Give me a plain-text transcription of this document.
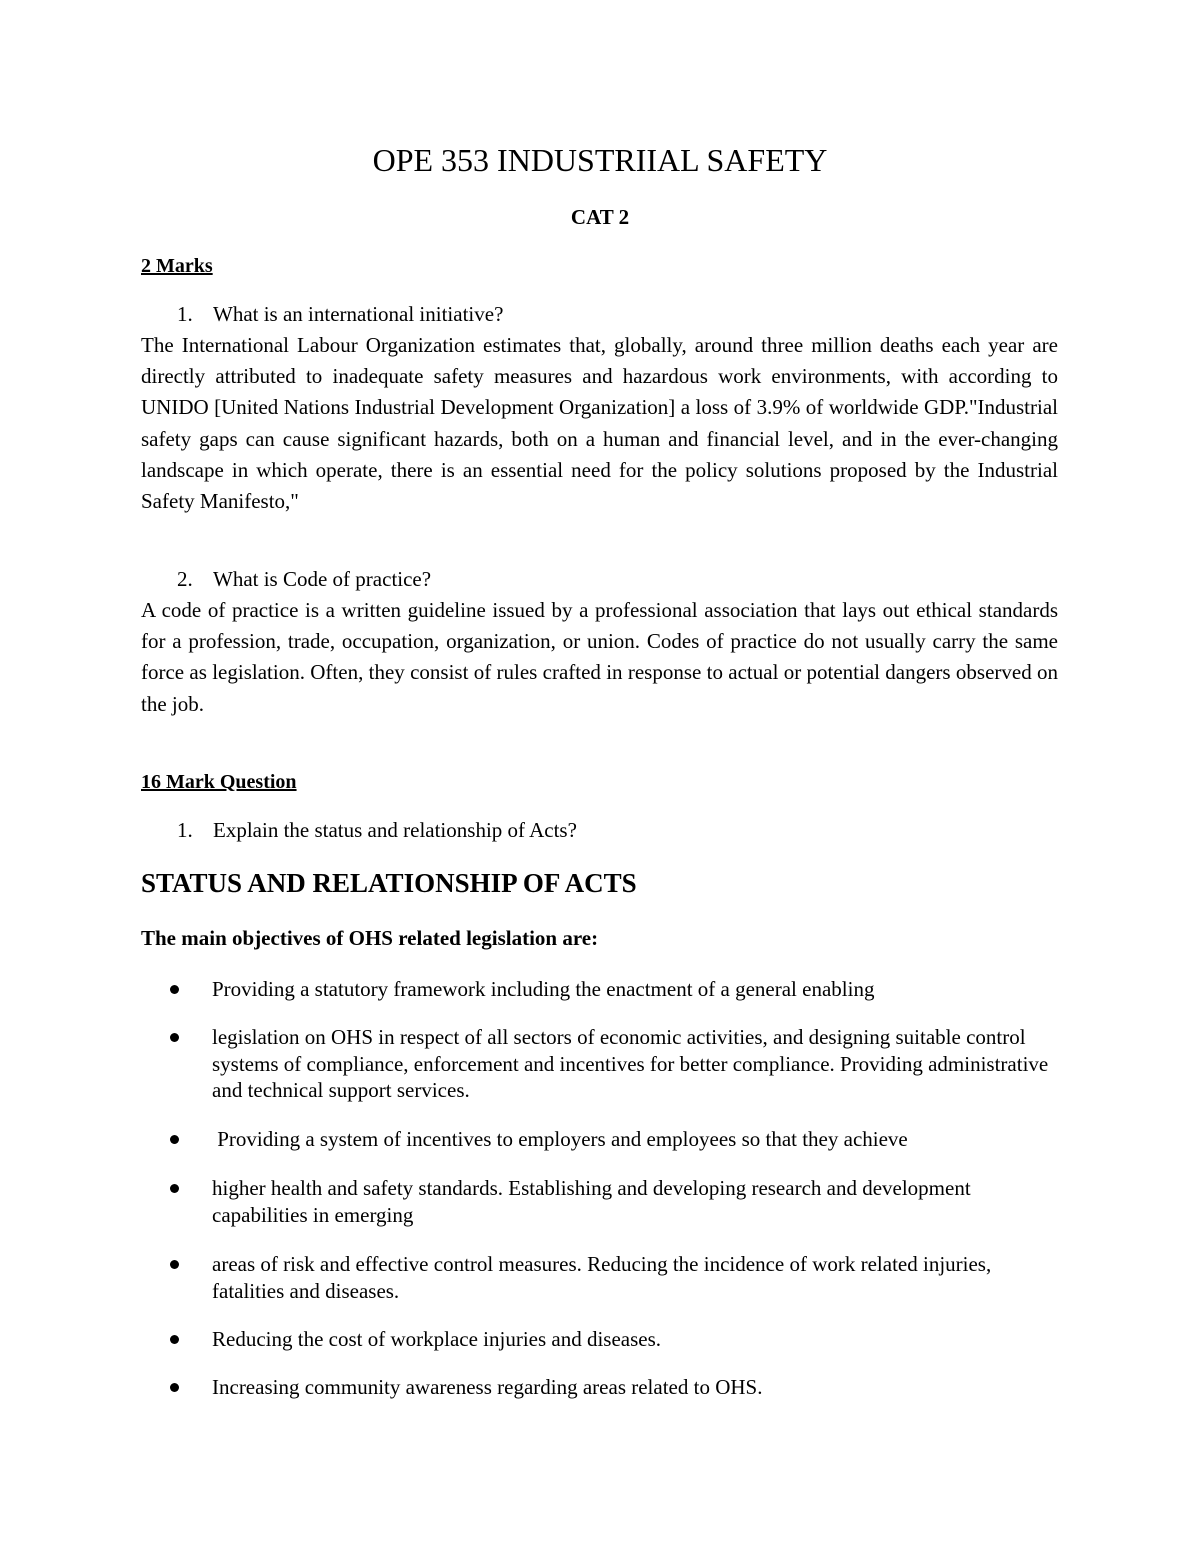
OPE 353 INDUSTRIIAL SAFETY
CAT 2
2 Marks
1. What is an international initiative?
The International Labour Organization estimates that, globally, around three million deaths each year are directly attributed to inadequate safety measures and hazardous work environments, with according to UNIDO [United Nations Industrial Development Organization] a loss of 3.9% of worldwide GDP."Industrial safety gaps can cause significant hazards, both on a human and financial level, and in the ever-changing landscape in which operate, there is an essential need for the policy solutions proposed by the Industrial Safety Manifesto,"
2. What is Code of practice?
A code of practice is a written guideline issued by a professional association that lays out ethical standards for a profession, trade, occupation, organization, or union. Codes of practice do not usually carry the same force as legislation. Often, they consist of rules crafted in response to actual or potential dangers observed on the job.
16 Mark Question
1. Explain the status and relationship of Acts?
STATUS AND RELATIONSHIP OF ACTS
The main objectives of OHS related legislation are:
Providing a statutory framework including the enactment of a general enabling
legislation on OHS in respect of all sectors of economic activities, and designing suitable control systems of compliance, enforcement and incentives for better compliance. Providing administrative and technical support services.
Providing a system of incentives to employers and employees so that they achieve
higher health and safety standards. Establishing and developing research and development capabilities in emerging
areas of risk and effective control measures. Reducing the incidence of work related injuries, fatalities and diseases.
Reducing the cost of workplace injuries and diseases.
Increasing community awareness regarding areas related to OHS.
